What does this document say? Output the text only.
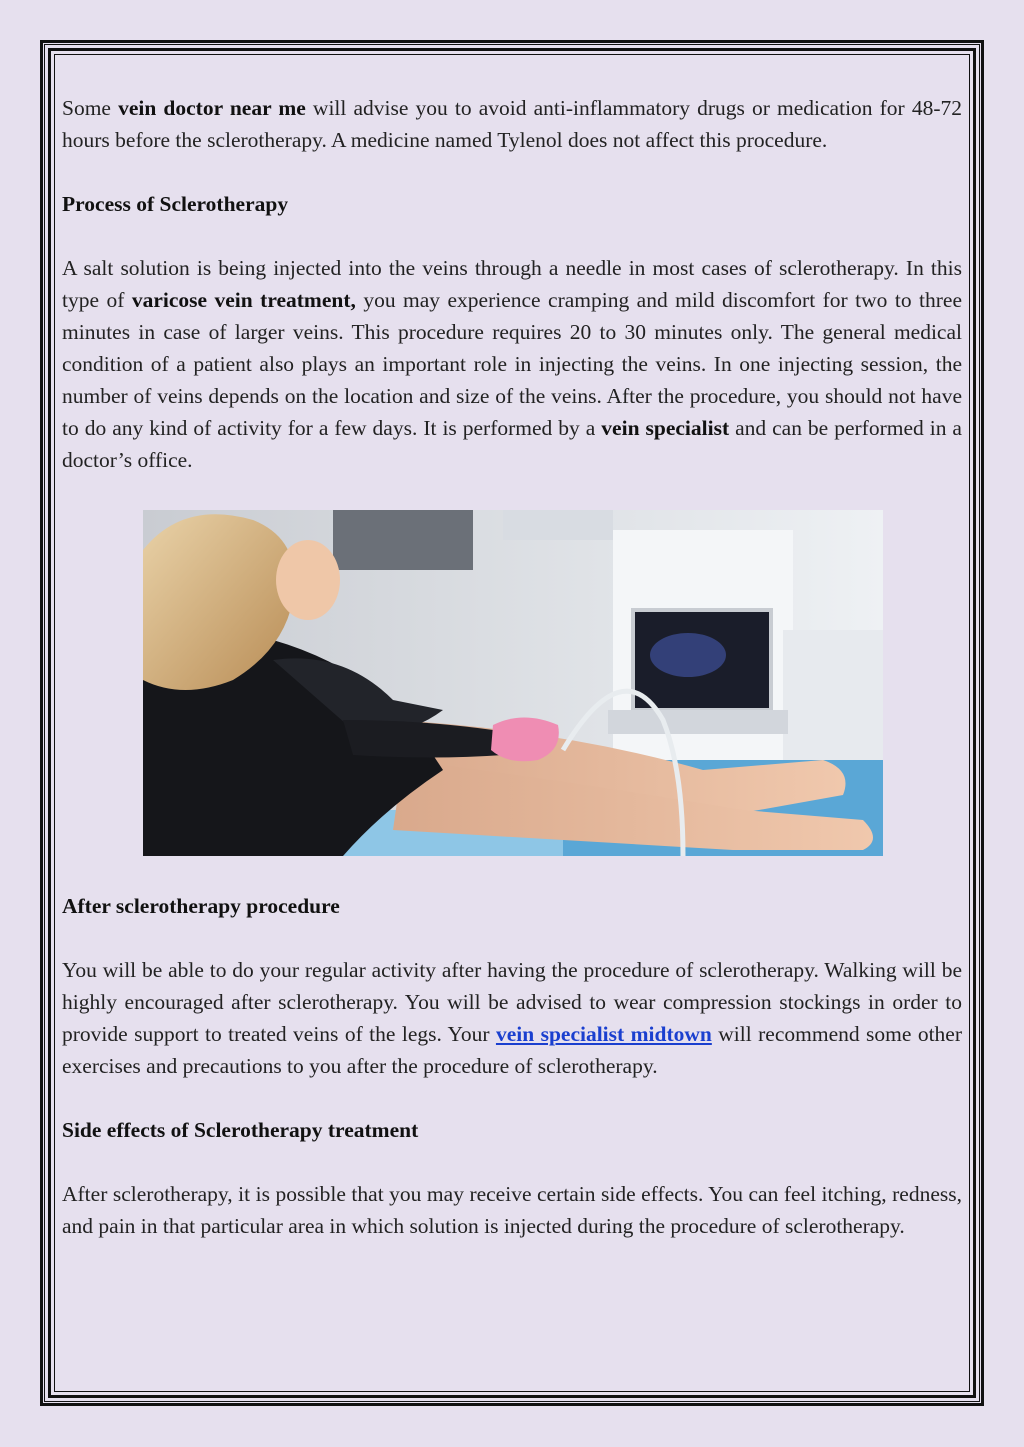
Some vein doctor near me will advise you to avoid anti-inflammatory drugs or medication for 48-72 hours before the sclerotherapy. A medicine named Tylenol does not affect this procedure.

Process of Sclerotherapy

A salt solution is being injected into the veins through a needle in most cases of sclerotherapy. In this type of varicose vein treatment, you may experience cramping and mild discomfort for two to three minutes in case of larger veins. This procedure requires 20 to 30 minutes only. The general medical condition of a patient also plays an important role in injecting the veins. In one injecting session, the number of veins depends on the location and size of the veins. After the procedure, you should not have to do any kind of activity for a few days. It is performed by a vein specialist and can be performed in a doctor’s office.

After sclerotherapy procedure

You will be able to do your regular activity after having the procedure of sclerotherapy. Walking will be highly encouraged after sclerotherapy. You will be advised to wear compression stockings in order to provide support to treated veins of the legs. Your vein specialist midtown will recommend some other exercises and precautions to you after the procedure of sclerotherapy.

Side effects of Sclerotherapy treatment

After sclerotherapy, it is possible that you may receive certain side effects. You can feel itching, redness, and pain in that particular area in which solution is injected during the procedure of sclerotherapy.
